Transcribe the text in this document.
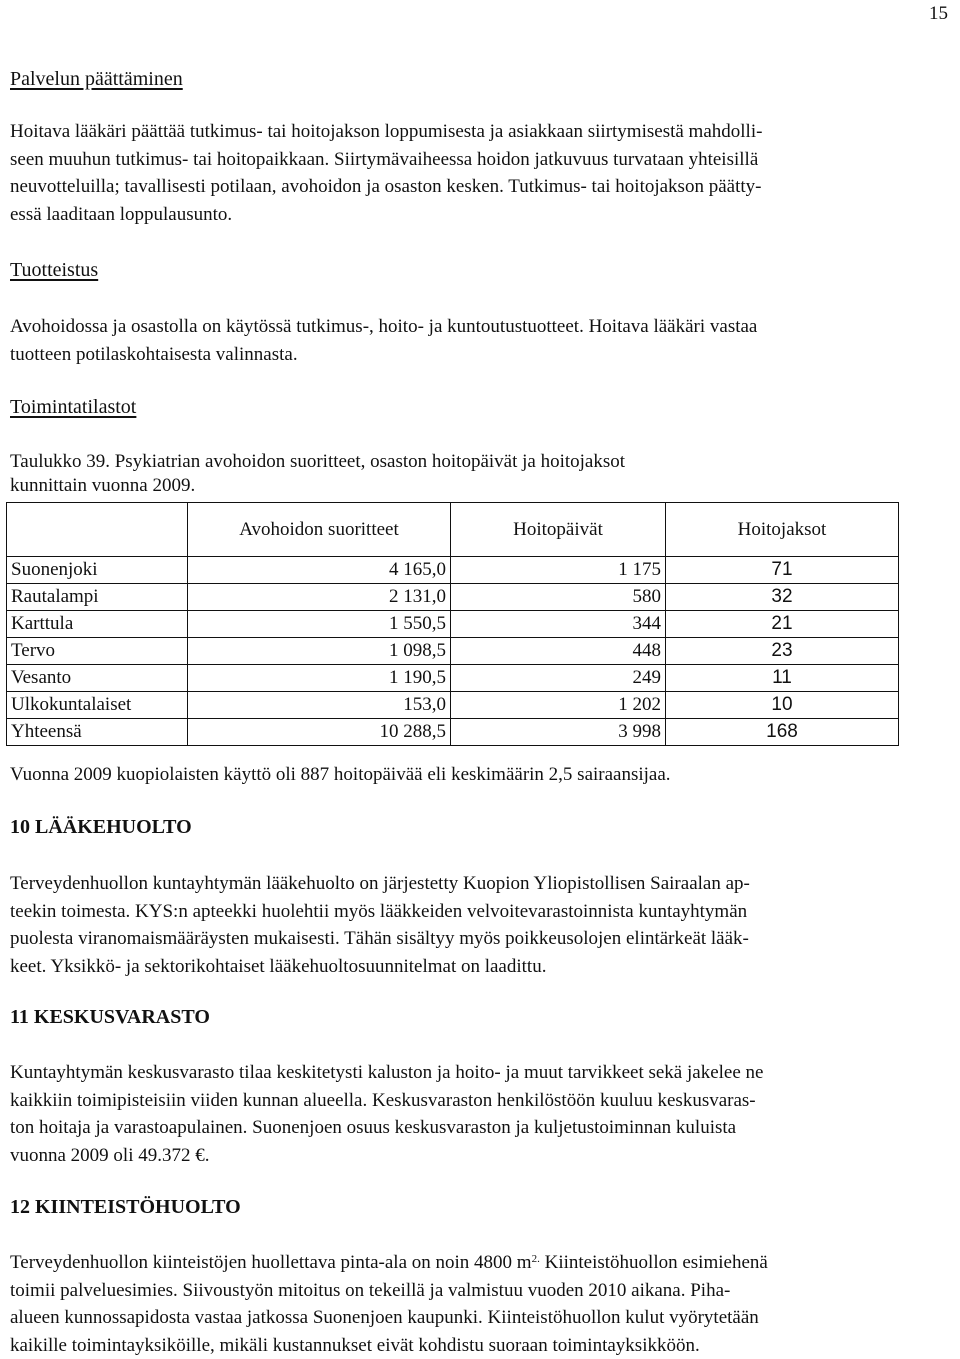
15
Palvelun päättäminen
Hoitava lääkäri päättää tutkimus- tai hoitojakson loppumisesta ja asiakkaan siirtymisestä mahdolli-
seen muuhun tutkimus- tai hoitopaikkaan. Siirtymävaiheessa hoidon jatkuvuus turvataan yhteisillä
neuvotteluilla; tavallisesti potilaan, avohoidon ja osaston kesken. Tutkimus- tai hoitojakson päätty-
essä laaditaan loppulausunto.
Tuotteistus
Avohoidossa ja osastolla on käytössä tutkimus-, hoito- ja kuntoutustuotteet. Hoitava lääkäri vastaa
tuotteen potilaskohtaisesta valinnasta.
Toimintatilastot
Taulukko 39. Psykiatrian avohoidon suoritteet, osaston hoitopäivät ja hoitojaksot
kunnittain vuonna 2009.
	Avohoidon suoritteet	Hoitopäivät	Hoitojaksot
Suonenjoki	4 165,0	1 175	71
Rautalampi	2 131,0	580	32
Karttula	1 550,5	344	21
Tervo	1 098,5	448	23
Vesanto	1 190,5	249	11
Ulkokuntalaiset	153,0	1 202	10
Yhteensä	10 288,5	3 998	168
Vuonna 2009 kuopiolaisten käyttö oli 887 hoitopäivää eli keskimäärin 2,5 sairaansijaa.
10 LÄÄKEHUOLTO
Terveydenhuollon kuntayhtymän lääkehuolto on järjestetty Kuopion Yliopistollisen Sairaalan ap-
teekin toimesta. KYS:n apteekki huolehtii myös lääkkeiden velvoitevarastoinnista kuntayhtymän
puolesta viranomaismääräysten mukaisesti. Tähän sisältyy myös poikkeusolojen elintärkeät lääk-
keet. Yksikkö- ja sektorikohtaiset lääkehuoltosuunnitelmat on laadittu.
11 KESKUSVARASTO
Kuntayhtymän keskusvarasto tilaa keskitetysti kaluston ja hoito- ja muut tarvikkeet sekä jakelee ne
kaikkiin toimipisteisiin viiden kunnan alueella. Keskusvaraston henkilöstöön kuuluu keskusvaras-
ton hoitaja ja varastoapulainen. Suonenjoen osuus keskusvaraston ja kuljetustoiminnan kuluista
vuonna 2009 oli 49.372 €.
12 KIINTEISTÖHUOLTO
Terveydenhuollon kiinteistöjen huollettava pinta-ala on noin 4800 $m^{2.}$ Kiinteistöhuollon esimiehenä
toimii palveluesimies. Siivoustyön mitoitus on tekeillä ja valmistuu vuoden 2010 aikana. Piha-
alueen kunnossapidosta vastaa jatkossa Suonenjoen kaupunki. Kiinteistöhuollon kulut vyörytetään
kaikille toimintayksiköille, mikäli kustannukset eivät kohdistu suoraan toimintayksikköön.
